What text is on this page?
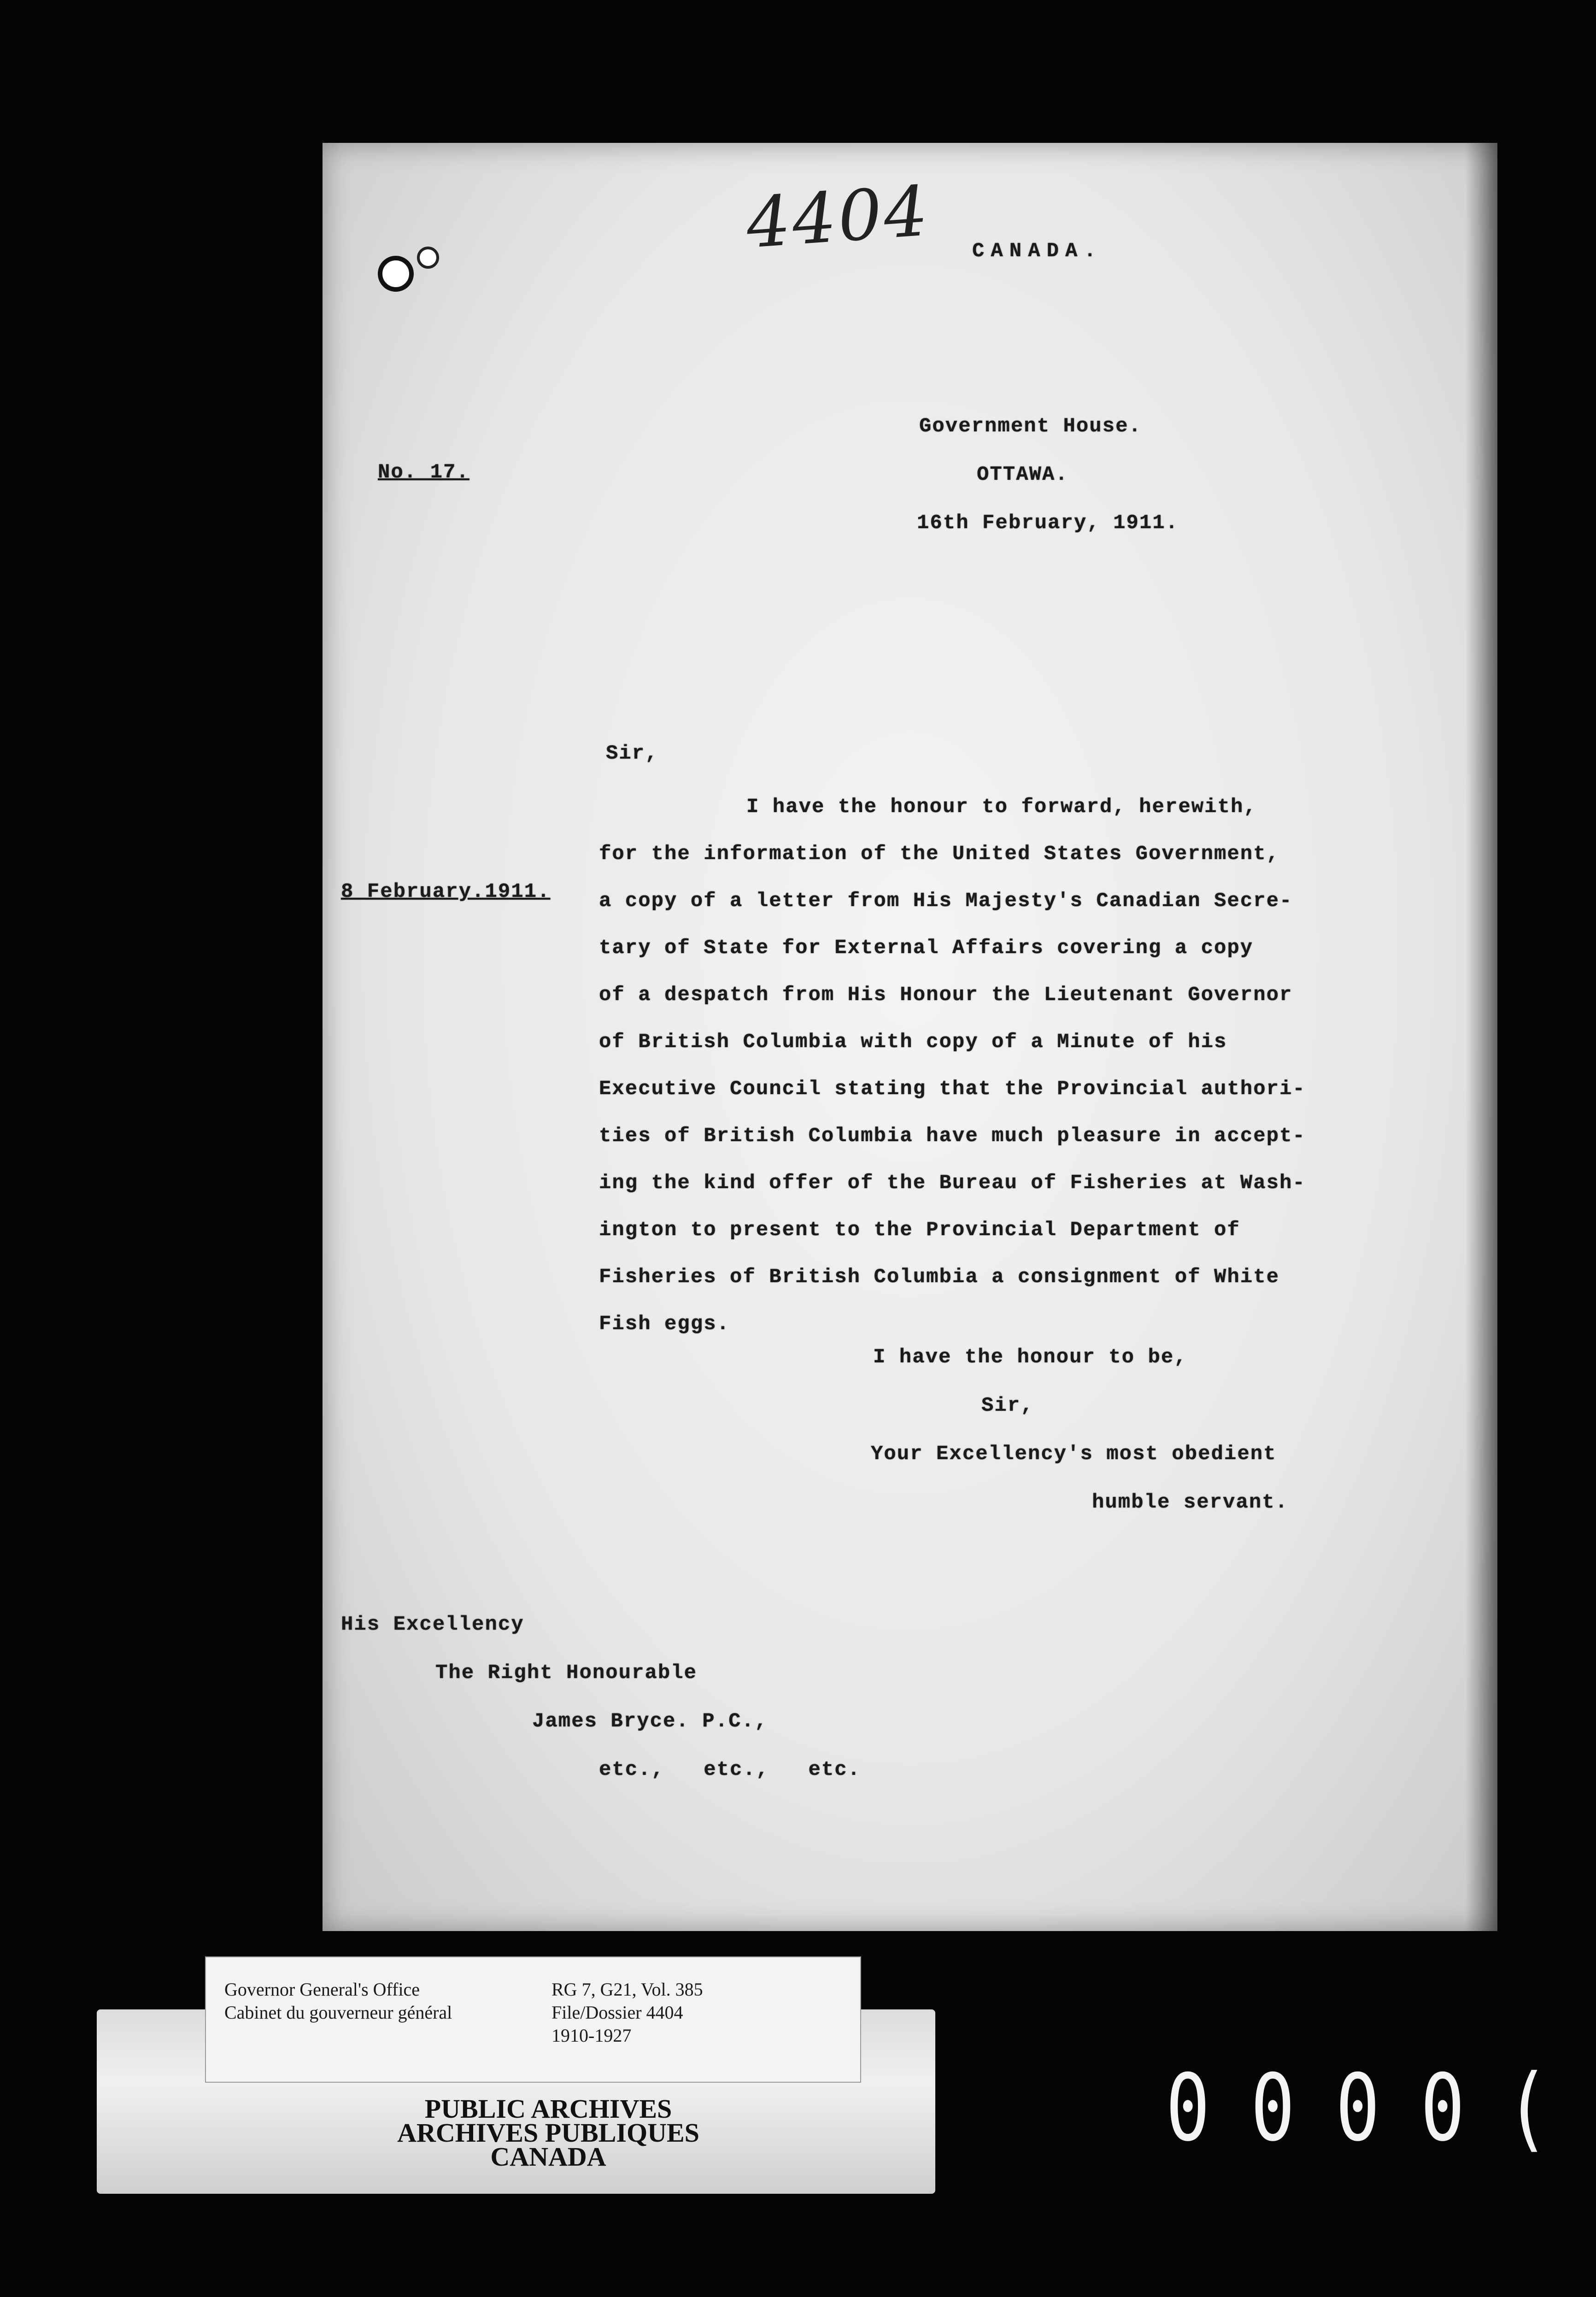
4404 CANADA.
No. 17.
Government House.
OTTAWA.
16th February, 1911.
Sir,
8 February.1911.
I have the honour to forward, herewith,
for the information of the United States Government,
a copy of a letter from His Majesty's Canadian Secre-
tary of State for External Affairs covering a copy
of a despatch from His Honour the Lieutenant Governor
of British Columbia with copy of a Minute of his
Executive Council stating that the Provincial authori-
ties of British Columbia have much pleasure in accept-
ing the kind offer of the Bureau of Fisheries at Wash-
ington to present to the Provincial Department of
Fisheries of British Columbia a consignment of White
Fish eggs.
I have the honour to be,
Sir,
Your Excellency's most obedient
humble servant.
His Excellency
The Right Honourable
James Bryce. P.C.,
etc.,   etc.,   etc.
Governor General's Office
Cabinet du gouverneur général
RG 7, G21, Vol. 385
File/Dossier 4404
1910-1927
PUBLIC ARCHIVES
ARCHIVES PUBLIQUES
CANADA	0000(
